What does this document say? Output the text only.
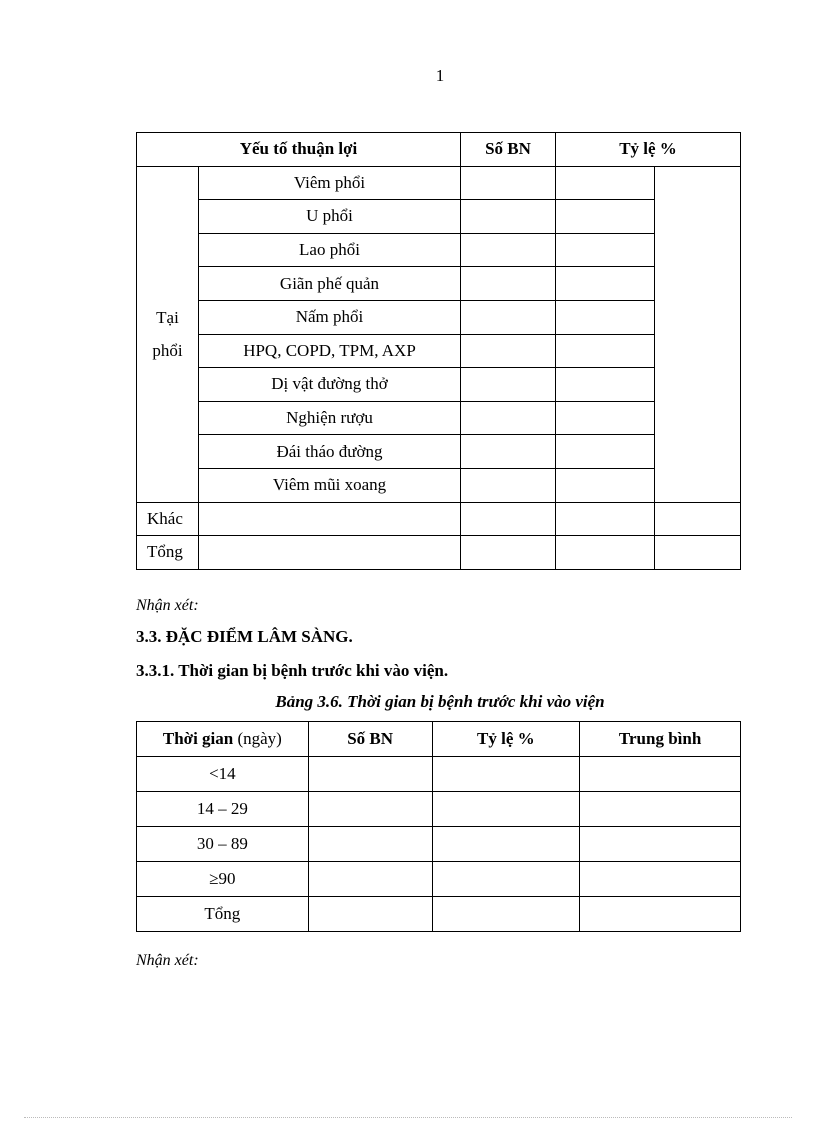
1
Yếu tố thuận lợi		Số BN	Tỷ lệ %	
Tại
phổi	Viêm phổi			
	U phổi			
	Lao phổi			
	Giãn phế quản			
	Nấm phổi			
	HPQ, COPD, TPM, AXP			
	Dị vật đường thở			
	Nghiện rượu			
	Đái tháo đường			
	Viêm mũi xoang			
Khác				
Tổng				
Nhận xét:
3.3. ĐẶC ĐIỂM LÂM SÀNG.
3.3.1. Thời gian bị bệnh trước khi vào viện.
Bảng 3.6. Thời gian bị bệnh trước khi vào viện
Thời gian (ngày)	Số BN	Tỷ lệ %	Trung bình
<14			
14 – 29			
30 – 89			
≥90			
Tổng			
Nhận xét:
